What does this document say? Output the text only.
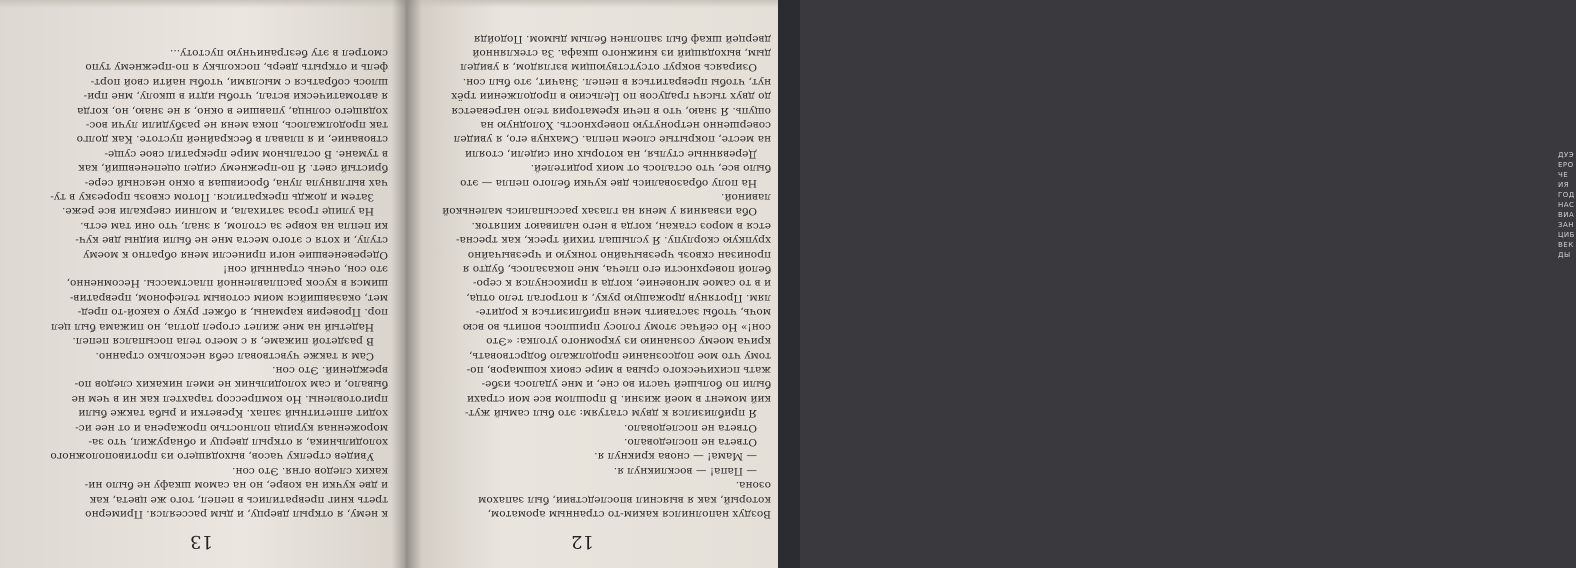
13
к нему, я открыл дверцу, и дым рассеялся. Примерно
треть книг превратились в пепел, того же цвета, как
и две кучки на ковре, но на самом шкафу не было ни-
каких следов огня. Это сон.
Увидев стрелку часов, выходящего из противоположного
холодильника, я открыл дверцу и обнаружил, что за-
мороженная курица полностью прожарена и от нее ис-
ходит аппетитный запах. Креветки и рыба также были
приготовлены. Но компрессор тарахтел как ни в чем не
бывало, и сам холодильник не имел никаких следов по-
вреждений. Это сон.
Сам я также чувствовал себя несколько странно.
В раздетой пижаме, я с моего тела посыпался пепел.
Надетый на мне жилет сгорел дотла, но пижама был цел
пор. Проверив карманы, я обжег руку о какой-то пред-
мет, оказавшийся моим сотовым телефоном, превратив-
шимся в кусок расплавленной пластмассы. Несомненно,
это сон, очень странный сон!
Одеревеневшие ноги принесли меня обратно к моему
стулу, и хотя с этого места мне не были видны две куч-
ки пепла на ковре за столом, я знал, что они там есть.
На улице гроза затихала, и молнии сверкали все реже.
Затем и дождь прекратился. Потом сквозь прорезку в ту-
чах выглянула луна, бросившая в окно неясный сере-
бристый свет. Я по-прежнему сидел оцепеневший, как
в тумане. В остальном мире прекратил свое суще-
ствование, и я плавал в бескрайней пустоте. Как долго
так продолжалось, пока меня не разбудили лучи вос-
ходящего солнца, упавшие в окно, я не знаю, но, когда
я автоматически встал, чтобы идти в школу, мне при-
шлось собраться с мыслями, чтобы найти свой порт-
фель и открыть дверь, поскольку я по-прежнему тупо
смотрел в эту безграничную пустоту...
12
Воздух наполнился каким-то странным ароматом,
который, как я выяснил впоследствии, был запахом
озона.
— Папа! — воскликнул я.
— Мама! — снова крикнул я.
Ответа не последовало.
Ответа не последовало.
Я приблизился к двум статуям: это был самый жут-
кий момент в моей жизни. В прошлом все мои страхи
были по большей части во сне, и мне удалось избе-
жать психического срыва в мире своих кошмаров, по-
тому что мое подсознание продолжало бодрствовать,
крича моему сознанию из укромного уголка: «Это
сон!» Но сейчас этому голосу пришлось вопить во всю
мочь, чтобы заставить меня приблизиться к родите-
лям. Протянув дрожащую руку, я потрогал тело отца,
и в то самое мгновение, когда я прикоснулся к серо-
белой поверхности его плеча, мне показалось, будто я
пронизан сквозь чрезвычайно тонкую и чрезвычайно
хрупкую скорлупу. Я услышал тихий треск, как тресна-
ется в мороз стакан, когда в него наливают кипяток.
Оба изваяния у меня на глазах рассыпались маленькой
лавиной.
На полу образовались две кучки белого пепла — это
было все, что осталось от моих родителей.
Деревянные стулья, на которых они сидели, стояли
на месте, покрытые слоем пепла. Смахнув его, я увидел
совершенно нетронутую поверхность. Холодную на
ощупь. Я знаю, что в печи крематория тело нагревается
до двух тысяч градусов по Цельсию в продолжении трёх
нут, чтобы превратиться в пепел. Значит, это был сон.
Озираясь вокруг отсутствующим взглядом, я увидел
дым, выходящий из книжного шкафа. За стеклянной
дверцей шкаф был заполнен белым дымом. Подойдя
ДУЭ
ЕРО
ЧЕ
ИЯ
ГОД
НАС
ВИА
ЗАН
ЦИБ
ВЕК
ДЫ
